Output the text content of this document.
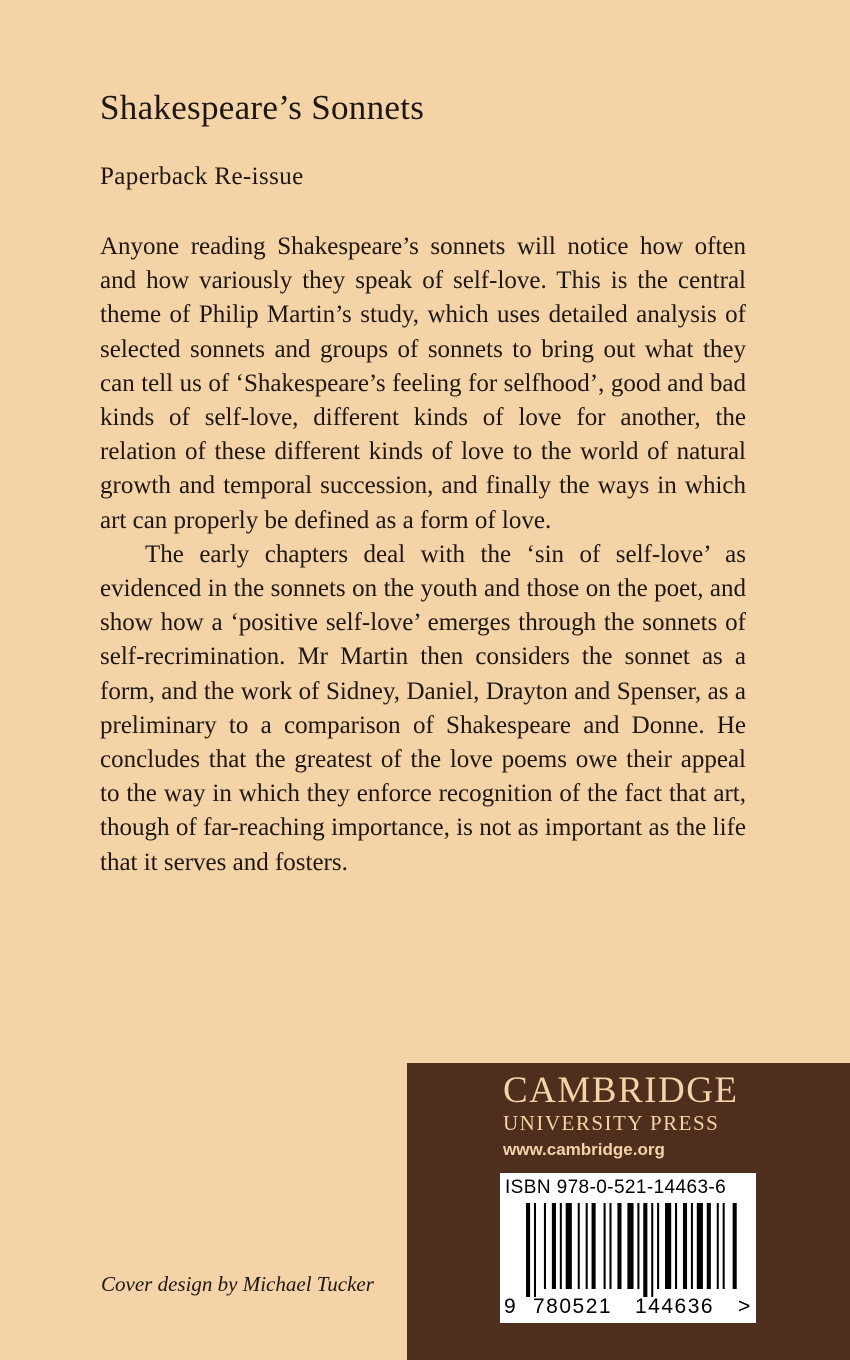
Shakespeare’s Sonnets
Paperback Re-issue

Anyone reading Shakespeare’s sonnets will notice how often and how variously they speak of self-love. This is the central theme of Philip Martin’s study, which uses detailed analysis of selected sonnets and groups of sonnets to bring out what they can tell us of ‘Shakespeare’s feeling for selfhood’, good and bad kinds of self-love, different kinds of love for another, the relation of these different kinds of love to the world of natural growth and temporal succession, and finally the ways in which art can properly be defined as a form of love.

The early chapters deal with the ‘sin of self-love’ as evidenced in the sonnets on the youth and those on the poet, and show how a ‘positive self-love’ emerges through the sonnets of self-recrimination. Mr Martin then considers the sonnet as a form, and the work of Sidney, Daniel, Drayton and Spenser, as a preliminary to a comparison of Shakespeare and Donne. He concludes that the greatest of the love poems owe their appeal to the way in which they enforce recognition of the fact that art, though of far-reaching importance, is not as important as the life that it serves and fosters.

Cover design by Michael Tucker
CAMBRIDGE
UNIVERSITY PRESS
www.cambridge.org
ISBN 978-0-521-14463-6
9 780521 144636 >
